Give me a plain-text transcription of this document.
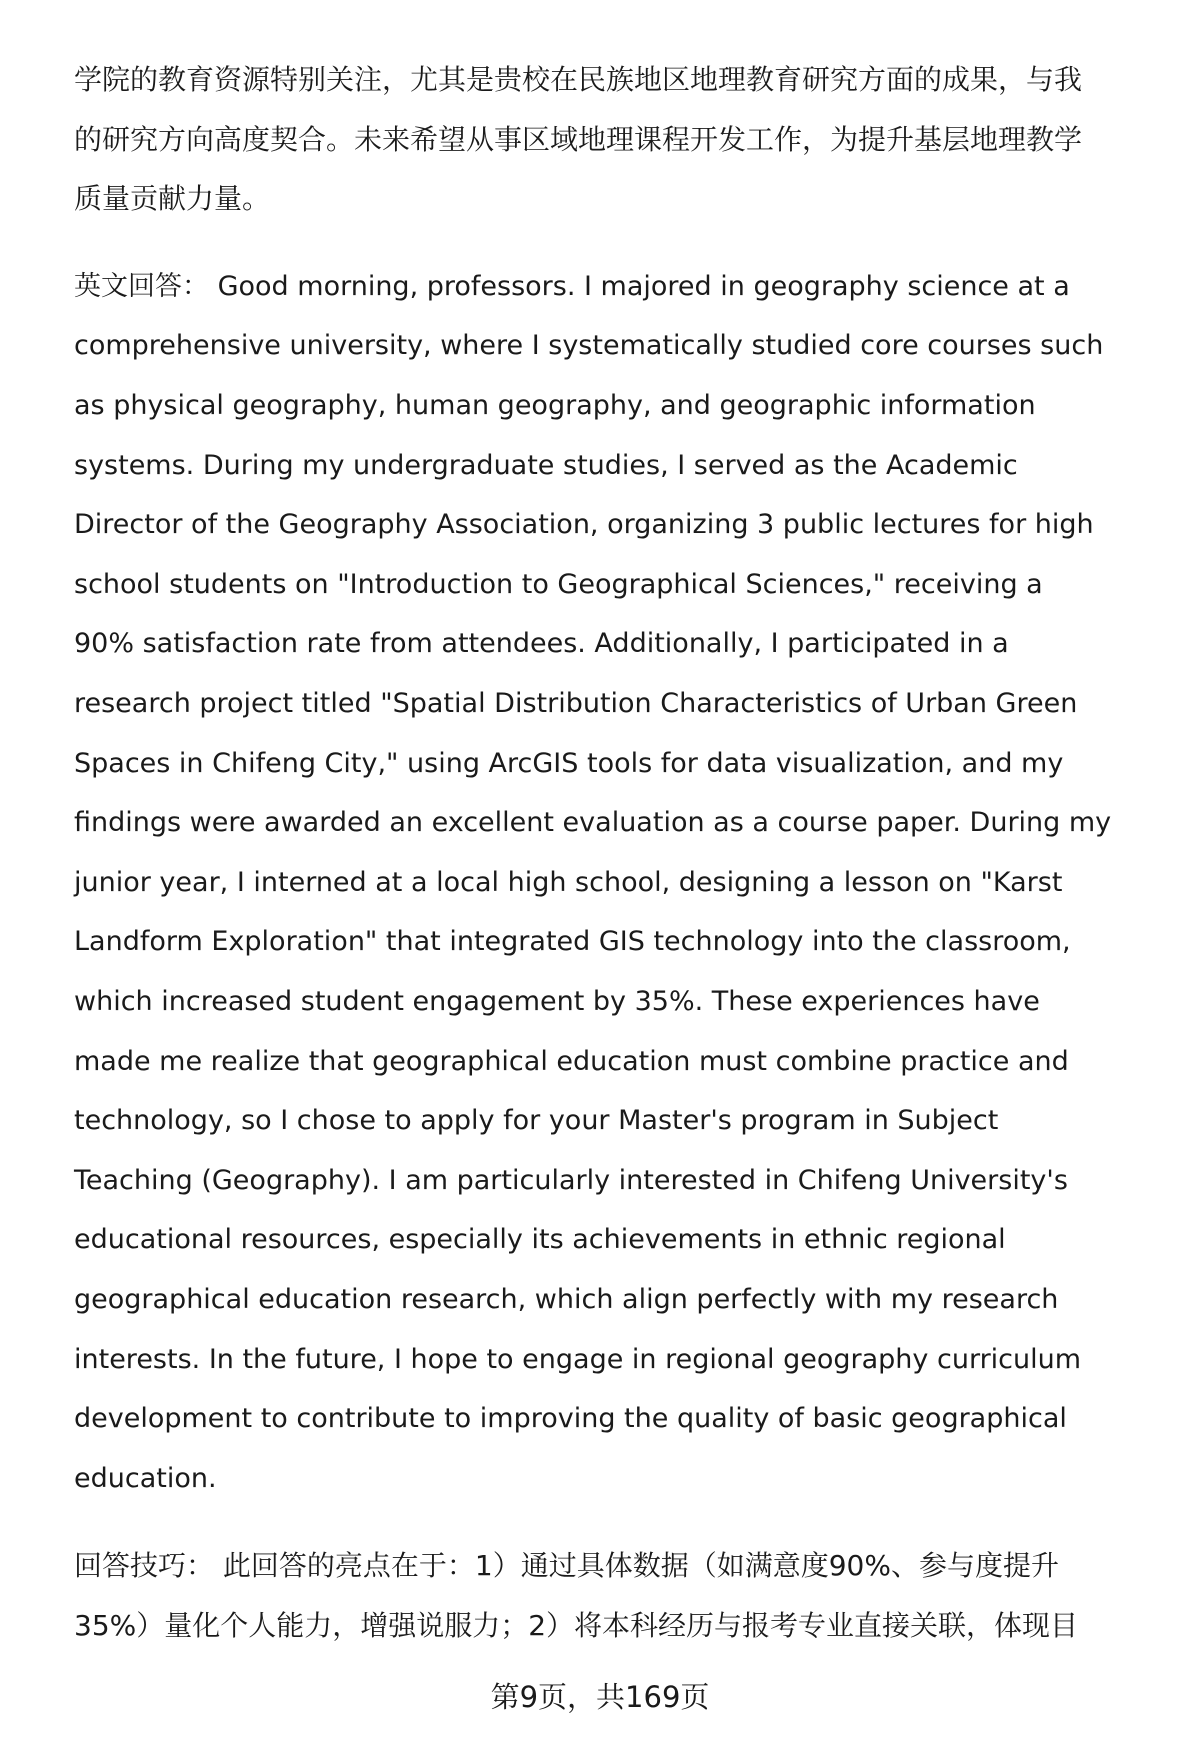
学院的教育资源特别关注，尤其是贵校在民族地区地理教育研究方面的成果，与我
的研究方向高度契合。未来希望从事区域地理课程开发工作，为提升基层地理教学
质量贡献力量。
英文回答： Good morning, professors. I majored in geography science at a
comprehensive university, where I systematically studied core courses such
as physical geography, human geography, and geographic information
systems. During my undergraduate studies, I served as the Academic
Director of the Geography Association, organizing 3 public lectures for high
school students on "Introduction to Geographical Sciences," receiving a
90% satisfaction rate from attendees. Additionally, I participated in a
research project titled "Spatial Distribution Characteristics of Urban Green
Spaces in Chifeng City," using ArcGIS tools for data visualization, and my
findings were awarded an excellent evaluation as a course paper. During my
junior year, I interned at a local high school, designing a lesson on "Karst
Landform Exploration" that integrated GIS technology into the classroom,
which increased student engagement by 35%. These experiences have
made me realize that geographical education must combine practice and
technology, so I chose to apply for your Master's program in Subject
Teaching (Geography). I am particularly interested in Chifeng University's
educational resources, especially its achievements in ethnic regional
geographical education research, which align perfectly with my research
interests. In the future, I hope to engage in regional geography curriculum
development to contribute to improving the quality of basic geographical
education.
回答技巧： 此回答的亮点在于：1）通过具体数据（如满意度90%、参与度提升
35%）量化个人能力，增强说服力；2）将本科经历与报考专业直接关联，体现目
第9页，共169页
